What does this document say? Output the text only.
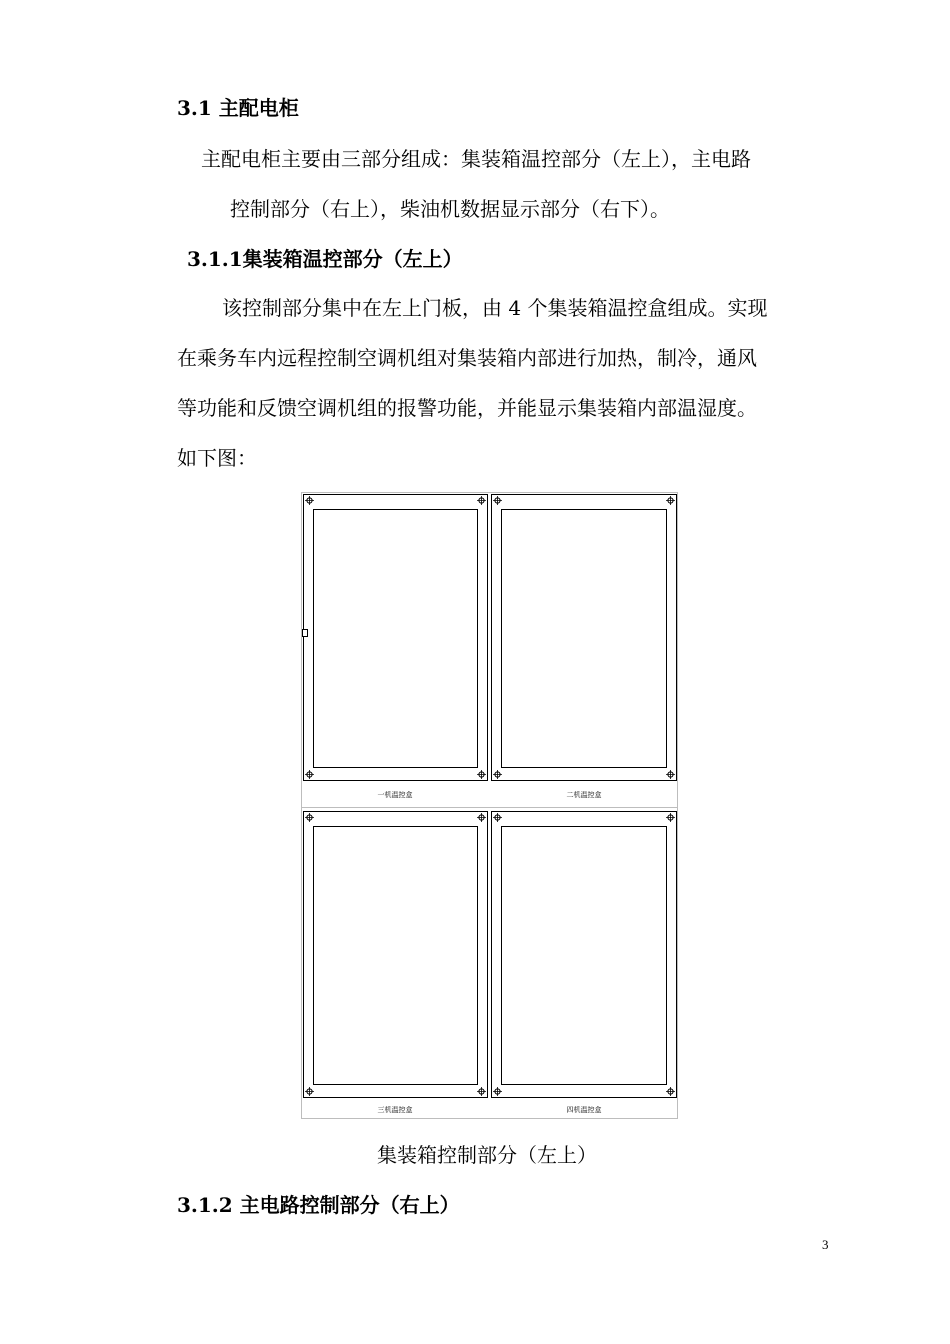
3.1 主配电柜
主配电柜主要由三部分组成：集装箱温控部分（左上），主电路
控制部分（右上），柴油机数据显示部分（右下）。
3.1.1集装箱温控部分（左上）
该控制部分集中在左上门板，由 4 个集装箱温控盒组成。实现
在乘务车内远程控制空调机组对集装箱内部进行加热，制冷，通风
等功能和反馈空调机组的报警功能，并能显示集装箱内部温湿度。
如下图：
一机温控盒	二机温控盒
三机温控盒	四机温控盒
集装箱控制部分（左上）
3.1.2 主电路控制部分（右上）
3
